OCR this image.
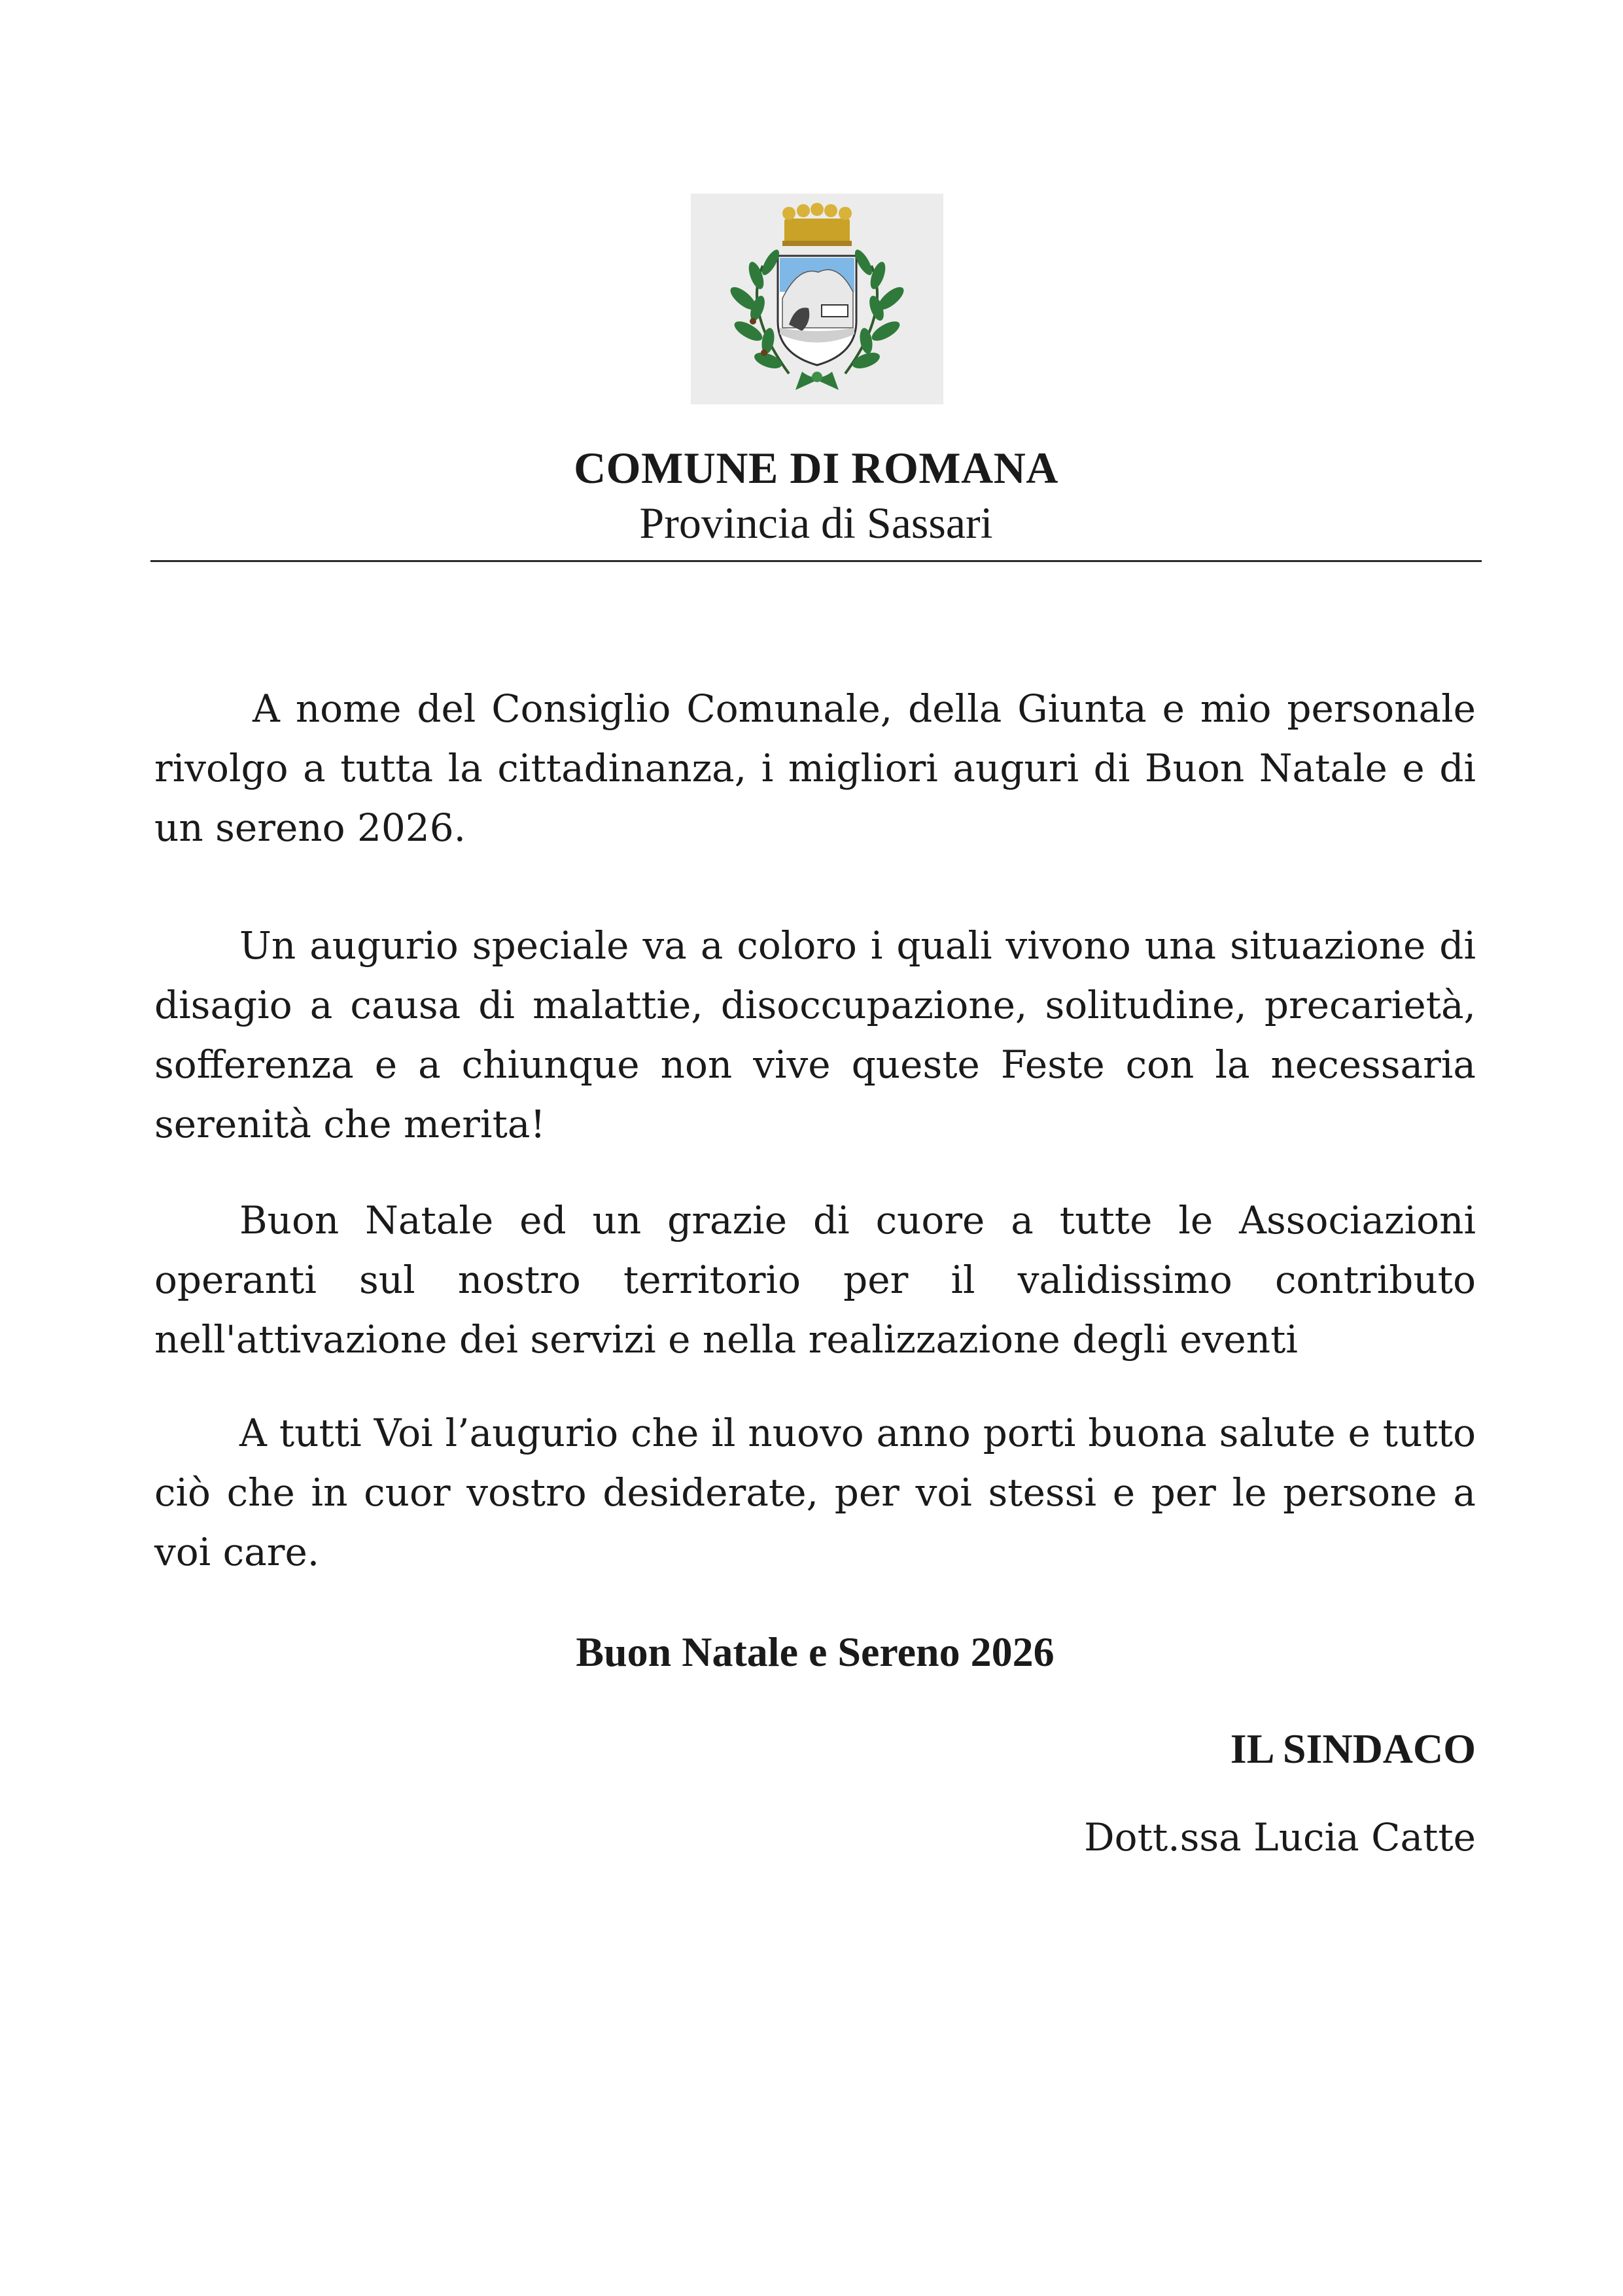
COMUNE DI ROMANA
Provincia di Sassari

A nome del Consiglio Comunale, della Giunta e mio personale rivolgo a tutta la cittadinanza, i migliori auguri di Buon Natale e di un sereno 2026.

Un augurio speciale va a coloro i quali vivono una situazione di disagio a causa di malattie, disoccupazione, solitudine, precarietà, sofferenza e a chiunque non vive queste Feste con la necessaria serenità che merita!

Buon Natale ed un grazie di cuore a tutte le Associazioni operanti sul nostro territorio per il validissimo contributo nell'attivazione dei servizi e nella realizzazione degli eventi

A tutti Voi l’augurio che il nuovo anno porti buona salute e tutto ciò che in cuor vostro desiderate, per voi stessi e per le persone a voi care.

Buon Natale e Sereno 2026
IL SINDACO
Dott.ssa Lucia Catte
